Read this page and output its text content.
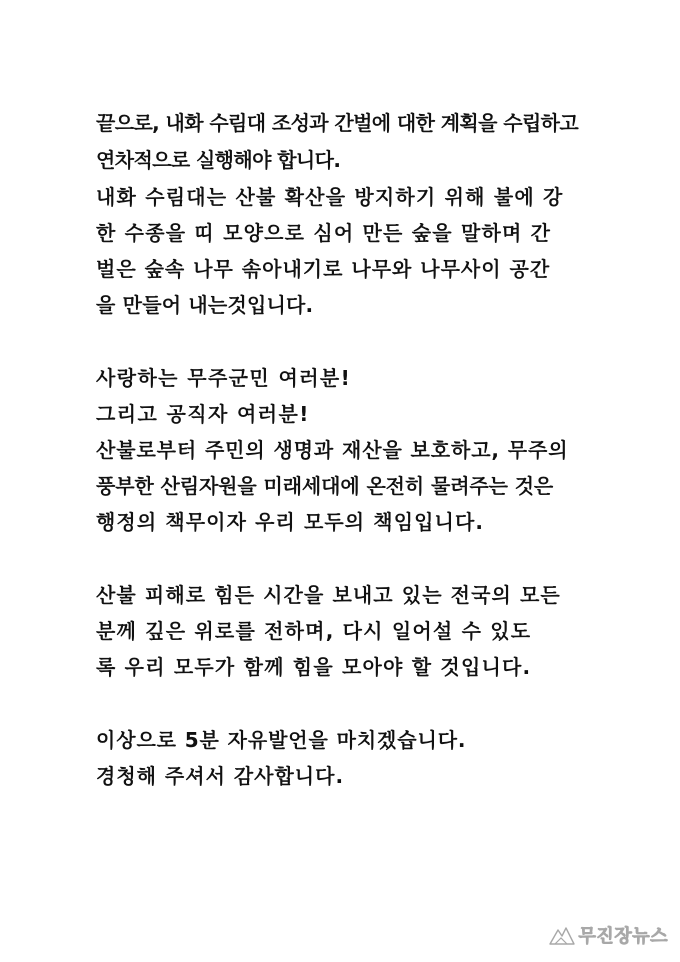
끝으로, 내화 수림대 조성과 간벌에 대한 계획을 수립하고
연차적으로 실행해야 합니다.
내화 수림대는 산불 확산을 방지하기 위해 불에 강
한 수종을 띠 모양으로 심어 만든 숲을 말하며 간
벌은 숲속 나무 솎아내기로 나무와 나무사이 공간
을 만들어 내는것입니다.
사랑하는 무주군민 여러분!
그리고 공직자 여러분!
산불로부터 주민의 생명과 재산을 보호하고, 무주의
풍부한 산림자원을 미래세대에 온전히 물려주는 것은
행정의 책무이자 우리 모두의 책임입니다.
산불 피해로 힘든 시간을 보내고 있는 전국의 모든
분께 깊은 위로를 전하며, 다시 일어설 수 있도
록 우리 모두가 함께 힘을 모아야 할 것입니다.
이상으로 5분 자유발언을 마치겠습니다.
경청해 주셔서 감사합니다.
무진장뉴스
